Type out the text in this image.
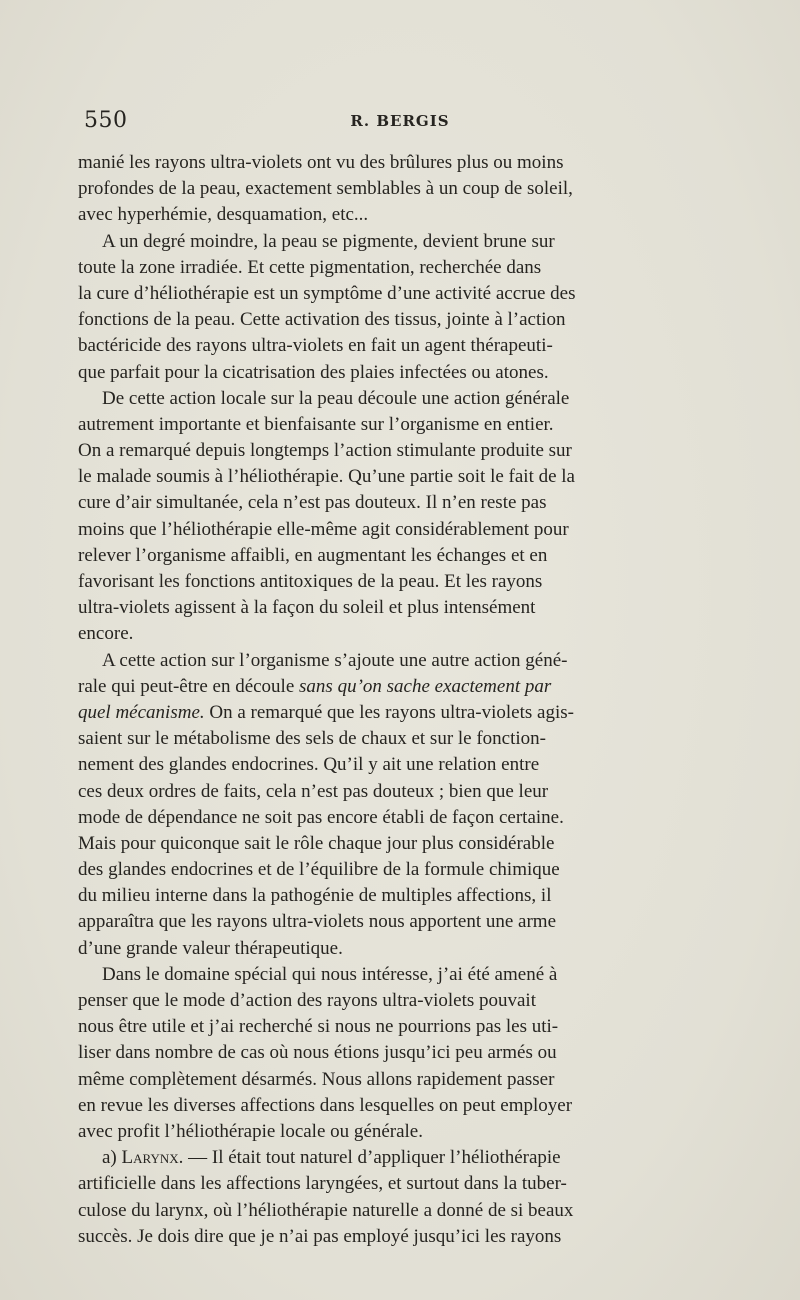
550	R. BERGIS
manié les rayons ultra-violets ont vu des brûlures plus ou moins
profondes de la peau, exactement semblables à un coup de soleil,
avec hyperhémie, desquamation, etc...
A un degré moindre, la peau se pigmente, devient brune sur
toute la zone irradiée. Et cette pigmentation, recherchée dans
la cure d’héliothérapie est un symptôme d’une activité accrue des
fonctions de la peau. Cette activation des tissus, jointe à l’action
bactéricide des rayons ultra-violets en fait un agent thérapeuti-
que parfait pour la cicatrisation des plaies infectées ou atones.
De cette action locale sur la peau découle une action générale
autrement importante et bienfaisante sur l’organisme en entier.
On a remarqué depuis longtemps l’action stimulante produite sur
le malade soumis à l’héliothérapie. Qu’une partie soit le fait de la
cure d’air simultanée, cela n’est pas douteux. Il n’en reste pas
moins que l’héliothérapie elle-même agit considérablement pour
relever l’organisme affaibli, en augmentant les échanges et en
favorisant les fonctions antitoxiques de la peau. Et les rayons
ultra-violets agissent à la façon du soleil et plus intensément
encore.
A cette action sur l’organisme s’ajoute une autre action géné-
rale qui peut-être en découle sans qu’on sache exactement par
quel mécanisme. On a remarqué que les rayons ultra-violets agis-
saient sur le métabolisme des sels de chaux et sur le fonction-
nement des glandes endocrines. Qu’il y ait une relation entre
ces deux ordres de faits, cela n’est pas douteux ; bien que leur
mode de dépendance ne soit pas encore établi de façon certaine.
Mais pour quiconque sait le rôle chaque jour plus considérable
des glandes endocrines et de l’équilibre de la formule chimique
du milieu interne dans la pathogénie de multiples affections, il
apparaîtra que les rayons ultra-violets nous apportent une arme
d’une grande valeur thérapeutique.
Dans le domaine spécial qui nous intéresse, j’ai été amené à
penser que le mode d’action des rayons ultra-violets pouvait
nous être utile et j’ai recherché si nous ne pourrions pas les uti-
liser dans nombre de cas où nous étions jusqu’ici peu armés ou
même complètement désarmés. Nous allons rapidement passer
en revue les diverses affections dans lesquelles on peut employer
avec profit l’héliothérapie locale ou générale.
a) Larynx. — Il était tout naturel d’appliquer l’héliothérapie
artificielle dans les affections laryngées, et surtout dans la tuber-
culose du larynx, où l’héliothérapie naturelle a donné de si beaux
succès. Je dois dire que je n’ai pas employé jusqu’ici les rayons
